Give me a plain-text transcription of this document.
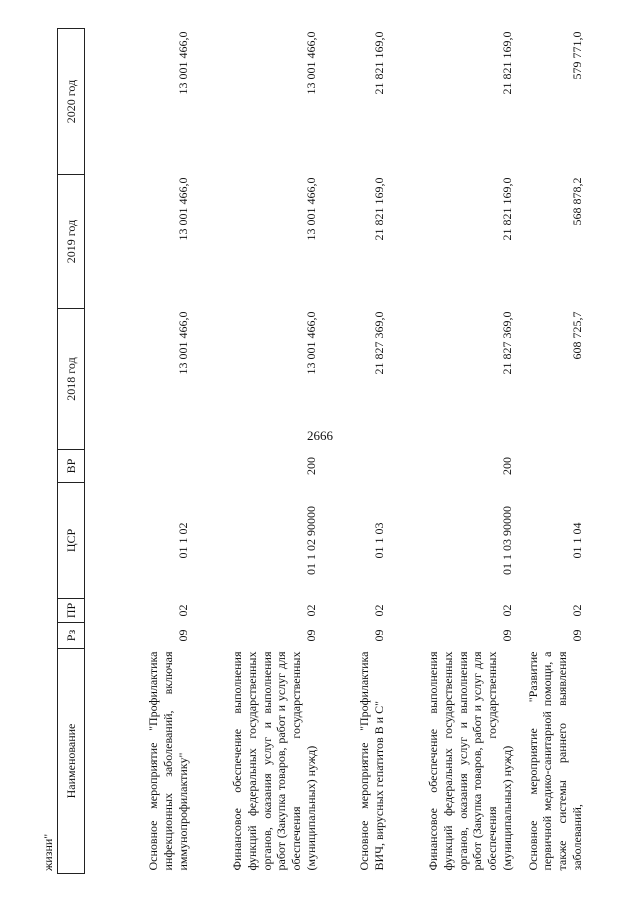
2666
жизни"
Наименование	Рз	ПР	ЦСР	ВР	2018 год	2019 год	2020 год
Основное мероприятие "Профилактика инфекционных заболеваний, включая иммунопрофилактику"	09	02	01 1 02		13 001 466,0	13 001 466,0	13 001 466,0
Финансовое обеспечение выполнения функций федеральных государственных органов, оказания услуг и выполнения работ (Закупка товаров, работ и услуг для обеспечения государственных (муниципальных) нужд)	09	02	01 1 02 90000	200	13 001 466,0	13 001 466,0	13 001 466,0
Основное мероприятие "Профилактика ВИЧ, вирусных гепатитов B и C"	09	02	01 1 03		21 827 369,0	21 821 169,0	21 821 169,0
Финансовое обеспечение выполнения функций федеральных государственных органов, оказания услуг и выполнения работ (Закупка товаров, работ и услуг для обеспечения государственных (муниципальных) нужд)	09	02	01 1 03 90000	200	21 827 369,0	21 821 169,0	21 821 169,0
Основное мероприятие "Развитие первичной медико-санитарной помощи, а также системы раннего выявления заболеваний,	09	02	01 1 04		608 725,7	568 878,2	579 771,0
